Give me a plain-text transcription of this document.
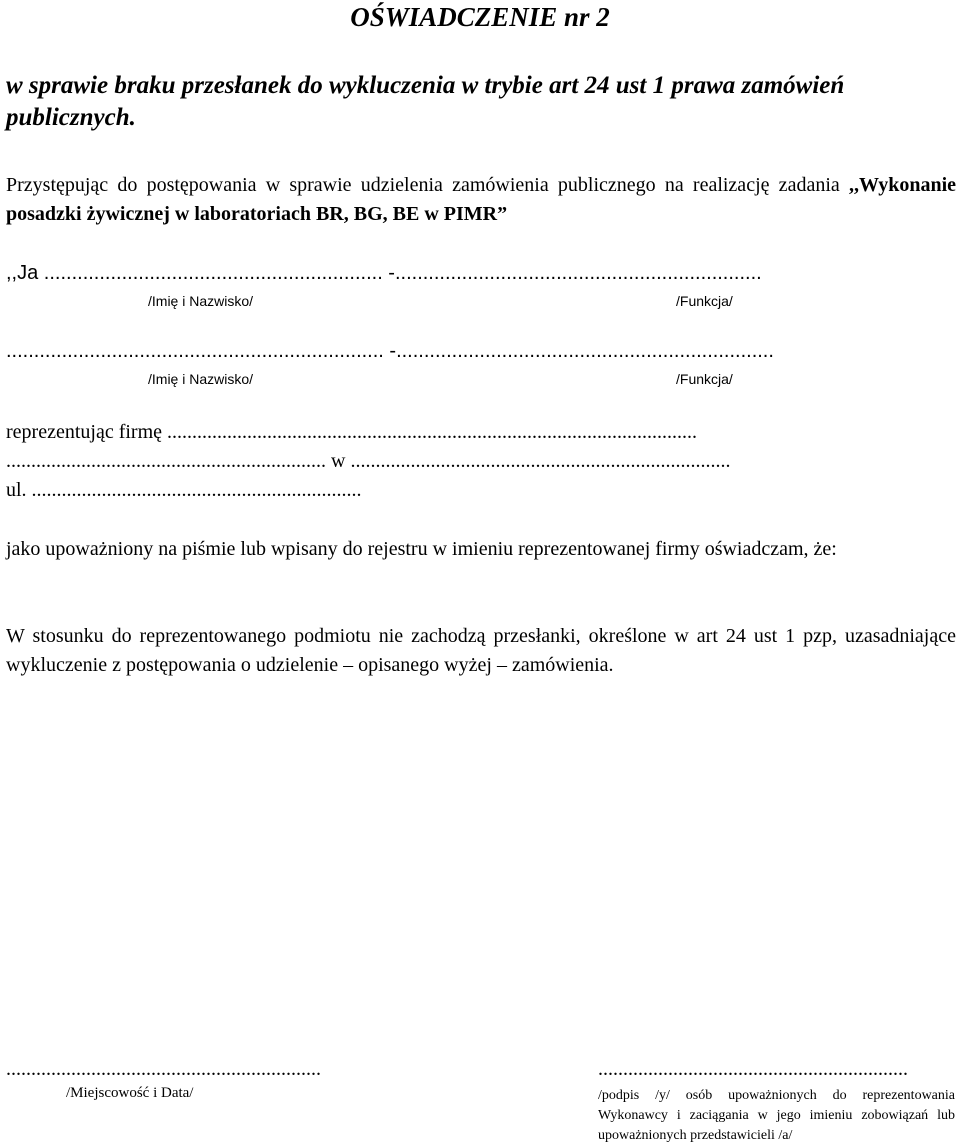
OŚWIADCZENIE nr 2
w sprawie braku przesłanek do wykluczenia w trybie art 24 ust 1 prawa zamówień publicznych.
Przystępując do postępowania w sprawie udzielenia zamówienia publicznego na realizację zadania ,,Wykonanie posadzki żywicznej w laboratoriach BR, BG, BE w PIMR”
,,Ja ............................................................. -..................................................................
/Imię i Nazwisko/	/Funkcja/
.................................................................... -....................................................................
/Imię i Nazwisko/	/Funkcja/
reprezentując firmę ..........................................................................................................
................................................................ w ............................................................................
ul. ..................................................................
jako upoważniony na piśmie lub wpisany do rejestru w imieniu reprezentowanej firmy oświadczam, że:
W stosunku do reprezentowanego podmiotu nie zachodzą przesłanki, określone w art 24 ust 1 pzp, uzasadniające wykluczenie z postępowania o udzielenie – opisanego wyżej – zamówienia.
...............................................................
/Miejscowość i Data/
..............................................................
/podpis /y/ osób upoważnionych do reprezentowania Wykonawcy i zaciągania w jego imieniu zobowiązań lub upoważnionych przedstawicieli /a/
